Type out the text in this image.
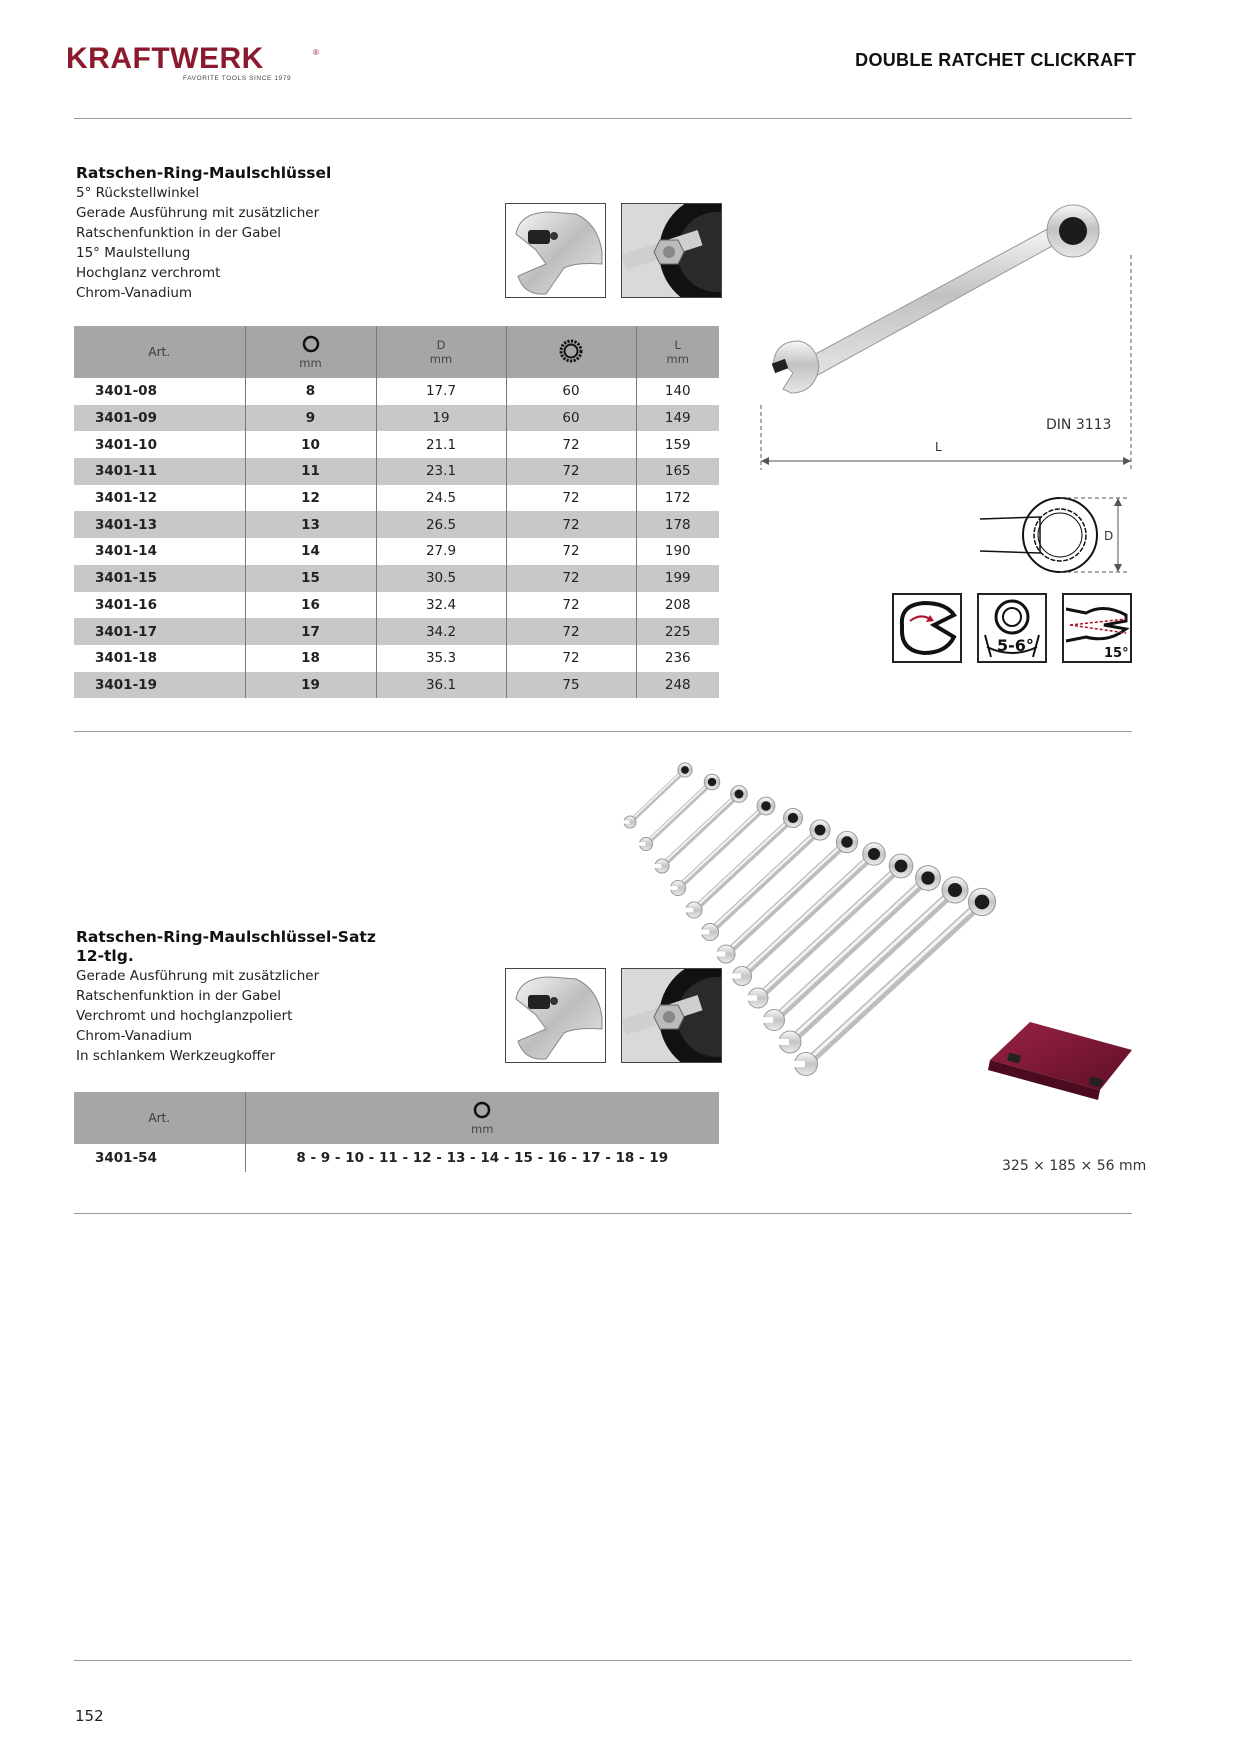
KRAFTWERK	®
FAVORITE TOOLS SINCE 1979
DOUBLE RATCHET CLICKRAFT
Ratschen-Ring-Maulschlüssel
5° Rückstellwinkel
Gerade Ausführung mit zusätzlicher
Ratschenfunktion in der Gabel
15° Maulstellung
Hochglanz verchromt
Chrom-Vanadium
Art.	mm	D
mm		L
mm

3401-08	8	17.7	60	140
3401-09	9	19	60	149
3401-10	10	21.1	72	159
3401-11	11	23.1	72	165
3401-12	12	24.5	72	172
3401-13	13	26.5	72	178
3401-14	14	27.9	72	190
3401-15	15	30.5	72	199
3401-16	16	32.4	72	208
3401-17	17	34.2	72	225
3401-18	18	35.3	72	236
3401-19	19	36.1	75	248
L
DIN 3113
D
5-6°	15°
Ratschen-Ring-Maulschlüssel-Satz
12-tlg.
Gerade Ausführung mit zusätzlicher
Ratschenfunktion in der Gabel
Verchromt und hochglanzpoliert
Chrom-Vanadium
In schlankem Werkzeugkoffer
Art.	mm

3401-54	8 - 9 - 10 - 11 - 12 - 13 - 14 - 15 - 16 - 17 - 18 - 19	325 × 185 × 56 mm
152
